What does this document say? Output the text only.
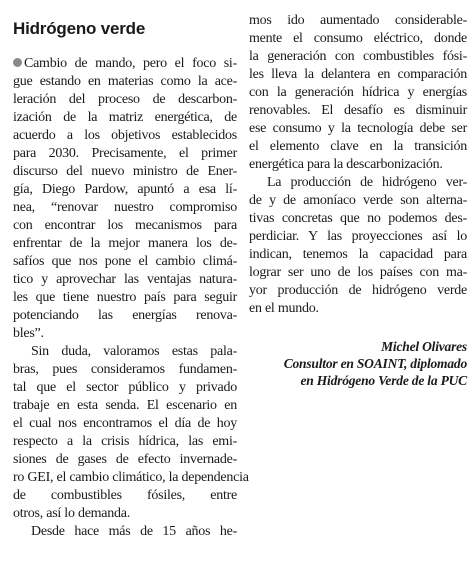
Hidrógeno verde
Cambio de mando, pero el foco si-
gue estando en materias como la ace-
leración del proceso de descarbon-
ización de la matriz energética, de
acuerdo a los objetivos establecidos
para 2030. Precisamente, el primer
discurso del nuevo ministro de Ener-
gía, Diego Pardow, apuntó a esa lí-
nea, “renovar nuestro compromiso
con encontrar los mecanismos para
enfrentar de la mejor manera los de-
safíos que nos pone el cambio climá-
tico y aprovechar las ventajas natura-
les que tiene nuestro país para seguir
potenciando las energías renova-
bles”.
Sin duda, valoramos estas pala-
bras, pues consideramos fundamen-
tal que el sector público y privado
trabaje en esta senda. El escenario en
el cual nos encontramos el día de hoy
respecto a la crisis hídrica, las emi-
siones de gases de efecto invernade-
ro GEI, el cambio climático, la dependencia
de combustibles fósiles, entre
otros, así lo demanda.
Desde hace más de 15 años he-
mos ido aumentado considerable-
mente el consumo eléctrico, donde
la generación con combustibles fósi-
les lleva la delantera en comparación
con la generación hídrica y energías
renovables. El desafío es disminuir
ese consumo y la tecnología debe ser
el elemento clave en la transición
energética para la descarbonización.
La producción de hidrógeno ver-
de y de amoníaco verde son alterna-
tivas concretas que no podemos des-
perdiciar. Y las proyecciones así lo
indican, tenemos la capacidad para
lograr ser uno de los países con ma-
yor producción de hidrógeno verde
en el mundo.
Michel Olivares
Consultor en SOAINT, diplomado
en Hidrógeno Verde de la PUC
